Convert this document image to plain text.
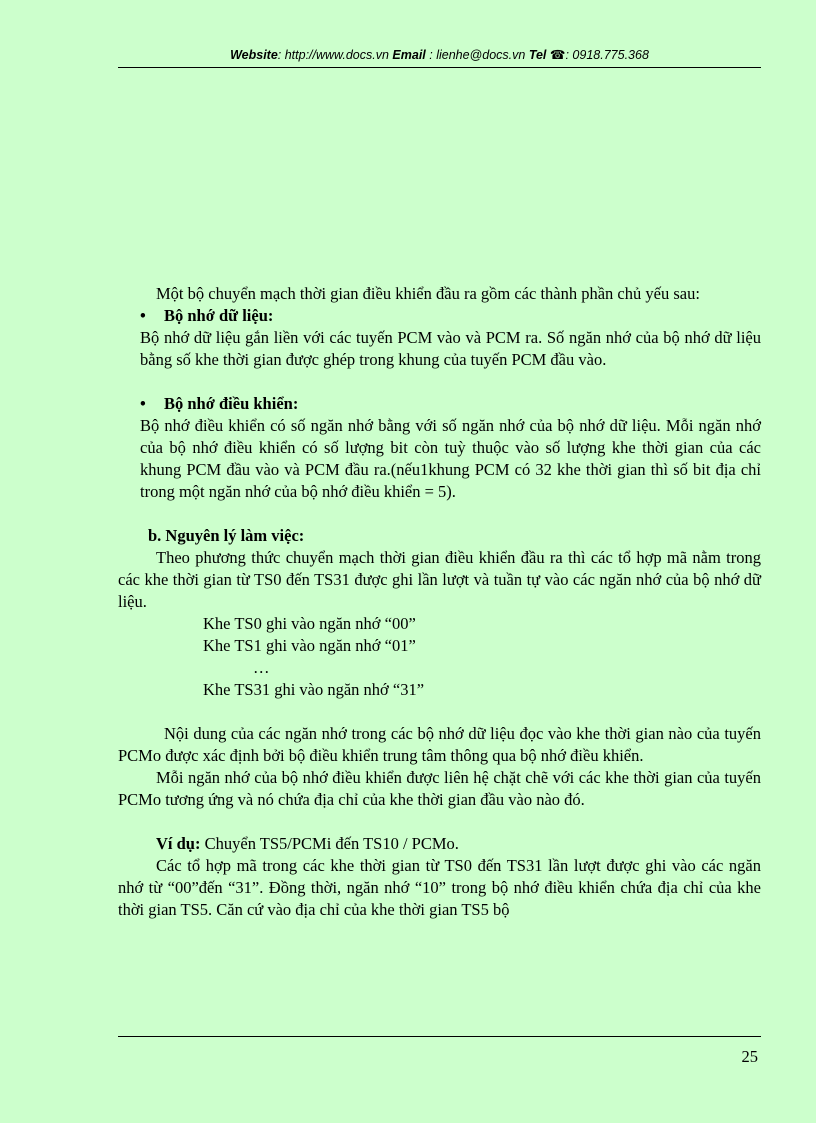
Website: http://www.docs.vn Email : lienhe@docs.vn Tel ☎: 0918.775.368
Một bộ chuyển mạch thời gian điều khiển đầu ra gồm các thành phần chủ yếu sau:
• Bộ nhớ dữ liệu:
Bộ nhớ dữ liệu gắn liền với các tuyến PCM vào và PCM ra. Số ngăn nhớ của bộ nhớ dữ liệu bằng số khe thời gian được ghép trong khung của tuyến PCM đầu vào.
• Bộ nhớ điều khiển:
Bộ nhớ điều khiển có số ngăn nhớ bằng với số ngăn nhớ của bộ nhớ dữ liệu. Mỗi ngăn nhớ của bộ nhớ điều khiển có số lượng bit còn tuỳ thuộc vào số lượng khe thời gian của các khung PCM đầu vào và PCM đầu ra.(nếu1khung PCM có 32 khe thời gian thì số bit địa chỉ trong một ngăn nhớ của bộ nhớ điều khiển = 5).
b. Nguyên lý làm việc:
Theo phương thức chuyển mạch thời gian điều khiển đầu ra thì các tổ hợp mã nằm trong các khe thời gian từ TS0 đến TS31 được ghi lần lượt và tuần tự vào các ngăn nhớ của bộ nhớ dữ liệu.
Khe TS0 ghi vào ngăn nhớ “00”
Khe TS1 ghi vào ngăn nhớ “01”
…
Khe TS31 ghi vào ngăn nhớ “31”
Nội dung của các ngăn nhớ trong các bộ nhớ dữ liệu đọc vào khe thời gian nào của tuyến PCMo được xác định bởi bộ điều khiển trung tâm thông qua bộ nhớ điều khiển.
Mỗi ngăn nhớ của bộ nhớ điều khiển được liên hệ chặt chẽ với các khe thời gian của tuyến PCMo tương ứng và nó chứa địa chỉ của khe thời gian đầu vào nào đó.
Ví dụ: Chuyển TS5/PCMi đến TS10 / PCMo.
Các tổ hợp mã trong các khe thời gian từ TS0 đến TS31 lần lượt được ghi vào các ngăn nhớ từ “00”đến “31”. Đồng thời, ngăn nhớ “10” trong bộ nhớ điều khiển chứa địa chỉ của khe thời gian TS5. Căn cứ vào địa chỉ của khe thời gian TS5 bộ
25
